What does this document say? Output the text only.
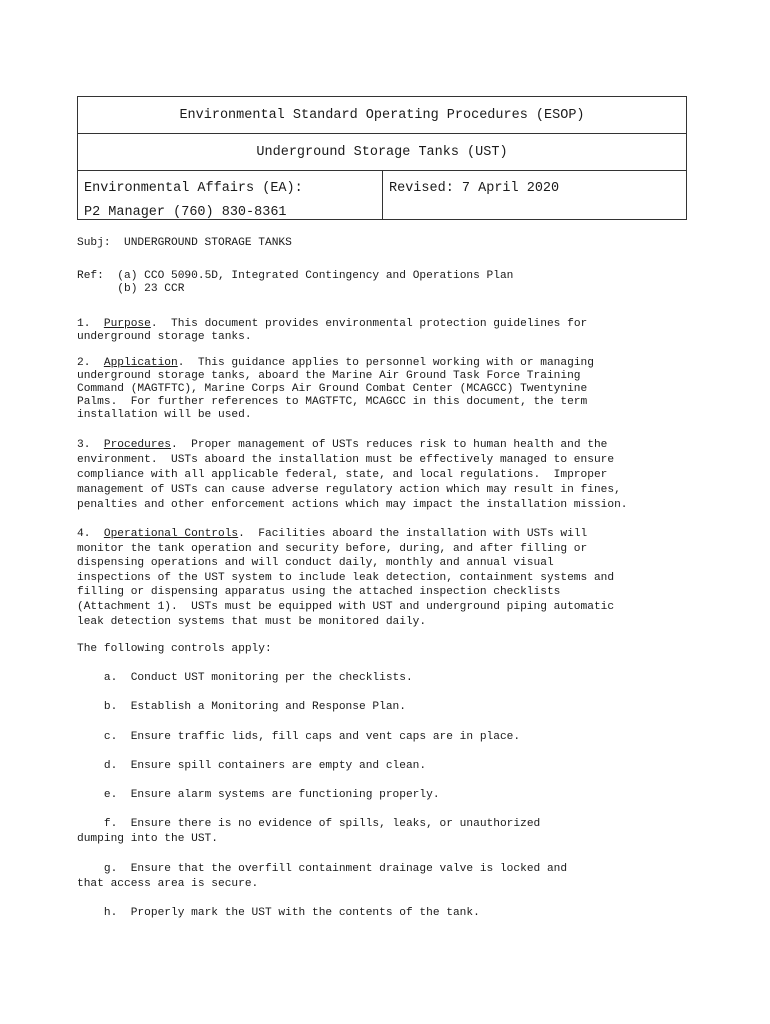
Environmental Standard Operating Procedures (ESOP)
Underground Storage Tanks (UST)
Environmental Affairs (EA):
P2 Manager (760) 830-8361
Revised: 7 April 2020
Subj:  UNDERGROUND STORAGE TANKS
Ref: (a) CCO 5090.5D, Integrated Contingency and Operations Plan
(b) 23 CCR
1.  Purpose.  This document provides environmental protection guidelines for
underground storage tanks.
2.  Application.  This guidance applies to personnel working with or managing
underground storage tanks, aboard the Marine Air Ground Task Force Training
Command (MAGTFTC), Marine Corps Air Ground Combat Center (MCAGCC) Twentynine
Palms.  For further references to MAGTFTC, MCAGCC in this document, the term
installation will be used.
3.  Procedures.  Proper management of USTs reduces risk to human health and the
environment.  USTs aboard the installation must be effectively managed to ensure
compliance with all applicable federal, state, and local regulations.  Improper
management of USTs can cause adverse regulatory action which may result in fines,
penalties and other enforcement actions which may impact the installation mission.
4.  Operational Controls.  Facilities aboard the installation with USTs will
monitor the tank operation and security before, during, and after filling or
dispensing operations and will conduct daily, monthly and annual visual
inspections of the UST system to include leak detection, containment systems and
filling or dispensing apparatus using the attached inspection checklists
(Attachment 1).  USTs must be equipped with UST and underground piping automatic
leak detection systems that must be monitored daily.
The following controls apply:
a.  Conduct UST monitoring per the checklists.
b.  Establish a Monitoring and Response Plan.
c.  Ensure traffic lids, fill caps and vent caps are in place.
d.  Ensure spill containers are empty and clean.
e.  Ensure alarm systems are functioning properly.
f.  Ensure there is no evidence of spills, leaks, or unauthorized
dumping into the UST.
g.  Ensure that the overfill containment drainage valve is locked and
that access area is secure.
h.  Properly mark the UST with the contents of the tank.
